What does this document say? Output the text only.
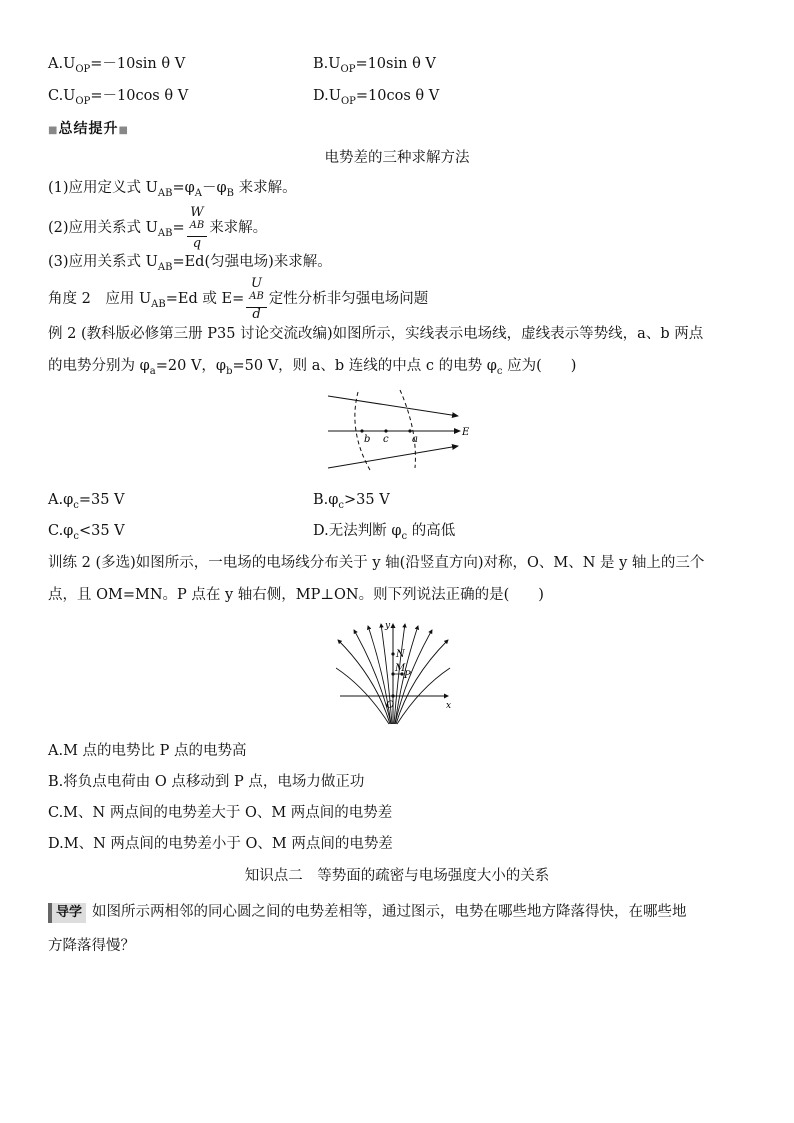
$A.U_{OP}=-10\sin$ θ V	$B.U_{OP}=10\sin$ θ V
$C.U_{OP}=-10\cos$ θ V	$D.U_{OP}=10\cos$ θ V
■总结提升■
电势差的三种求解方法
(1)应用定义式 $U_{AB}=\varphi_A-\varphi_B$ 来求解。
(2)应用关系式 $U_{AB}= W$
$^{AB}$
q 来求解。
(3)应用关系式 $U_{AB}=Ed$(匀强电场)来求解。
角度 2　应用 $U_{AB}=Ed$ 或 E= U
$^{AB}$
d 定性分析非匀强电场问题
例 2 (教科版必修第三册 P35 讨论交流改编)如图所示，实线表示电场线，虚线表示等势线，a、b 两点
的电势分别为 $\varphi_a=20$ V，$\varphi_b=50$ V，则 a、b 连线的中点 c 的电势 $\varphi_c$ 应为(　　)
b c a
E
$A.\varphi_c=35$ V	$B.\varphi_c>35$ V
$C.\varphi_c<35$ V	D.无法判断 $\varphi_c$ 的高低
训练 2 (多选)如图所示，一电场的电场线分布关于 y 轴(沿竖直方向)对称，O、M、N 是 y 轴上的三个
点，且 OM=MN。P 点在 y 轴右侧，MP⊥ON。则下列说法正确的是(　　)
y
x
N
M
P
O
A.M 点的电势比 P 点的电势高
B.将负点电荷由 O 点移动到 P 点，电场力做正功
C.M、N 两点间的电势差大于 O、M 两点间的电势差
D.M、N 两点间的电势差小于 O、M 两点间的电势差
知识点二　等势面的疏密与电场强度大小的关系
导学 如图所示两相邻的同心圆之间的电势差相等，通过图示，电势在哪些地方降落得快，在哪些地
方降落得慢？
